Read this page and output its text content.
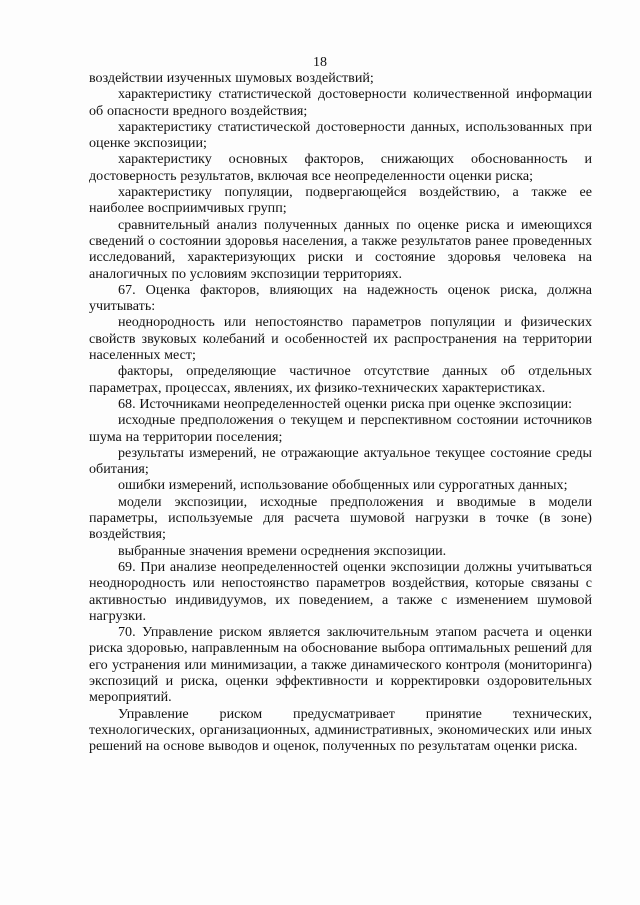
18

воздействии изученных шумовых воздействий;

характеристику статистической достоверности количественной информации об опасности вредного воздействия;

характеристику статистической достоверности данных, использованных при оценке экспозиции;

характеристику основных факторов, снижающих обоснованность и достоверность результатов, включая все неопределенности оценки риска;

характеристику популяции, подвергающейся воздействию, а также ее наиболее восприимчивых групп;

сравнительный анализ полученных данных по оценке риска и имеющихся сведений о состоянии здоровья населения, а также результатов ранее проведенных исследований, характеризующих риски и состояние здоровья человека на аналогичных по условиям экспозиции территориях.

67. Оценка факторов, влияющих на надежность оценок риска, должна учитывать:

неоднородность или непостоянство параметров популяции и физических свойств звуковых колебаний и особенностей их распространения на территории населенных мест;

факторы, определяющие частичное отсутствие данных об отдельных параметрах, процессах, явлениях, их физико-технических характеристиках.

68. Источниками неопределенностей оценки риска при оценке экспозиции:

исходные предположения о текущем и перспективном состоянии источников шума на территории поселения;

результаты измерений, не отражающие актуальное текущее состояние среды обитания;

ошибки измерений, использование обобщенных или суррогатных данных;

модели экспозиции, исходные предположения и вводимые в модели параметры, используемые для расчета шумовой нагрузки в точке (в зоне) воздействия;

выбранные значения времени осреднения экспозиции.

69. При анализе неопределенностей оценки экспозиции должны учитываться неоднородность или непостоянство параметров воздействия, которые связаны с активностью индивидуумов, их поведением, а также с изменением шумовой нагрузки.

70. Управление риском является заключительным этапом расчета и оценки риска здоровью, направленным на обоснование выбора оптимальных решений для его устранения или минимизации, а также динамического контроля (мониторинга) экспозиций и риска, оценки эффективности и корректировки оздоровительных мероприятий.

Управление риском предусматривает принятие технических, технологических, организационных, административных, экономических или иных решений на основе выводов и оценок, полученных по результатам оценки риска.
